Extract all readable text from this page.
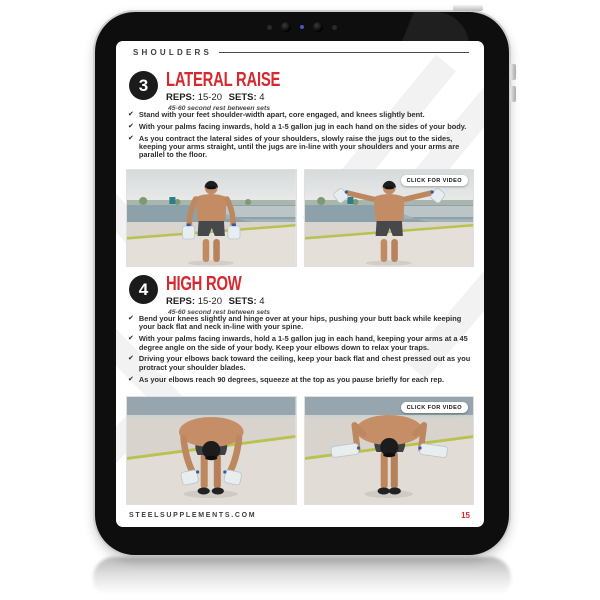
SHOULDERS
3 LATERAL RAISE
REPS: 15-20 SETS: 4
45-60 second rest between sets
✔ Stand with your feet shoulder-width apart, core engaged, and knees slightly bent.
✔ With your palms facing inwards, hold a 1-5 gallon jug in each hand on the sides of your body.
✔ As you contract the lateral sides of your shoulders, slowly raise the jugs out to the sides, keeping your arms straight, until the jugs are in-line with your shoulders and your arms are parallel to the floor.
CLICK FOR VIDEO
4 HIGH ROW
REPS: 15-20 SETS: 4
45-60 second rest between sets
✔ Bend your knees slightly and hinge over at your hips, pushing your butt back while keeping your back flat and neck in-line with your spine.
✔ With your palms facing inwards, hold a 1-5 gallon jug in each hand, keeping your arms at a 45 degree angle on the side of your body. Keep your elbows down to relax your traps.
✔ Driving your elbows back toward the ceiling, keep your back flat and chest pressed out as you protract your shoulder blades.
✔ As your elbows reach 90 degrees, squeeze at the top as you pause briefly for each rep.
CLICK FOR VIDEO
STEELSUPPLEMENTS.COM	15
